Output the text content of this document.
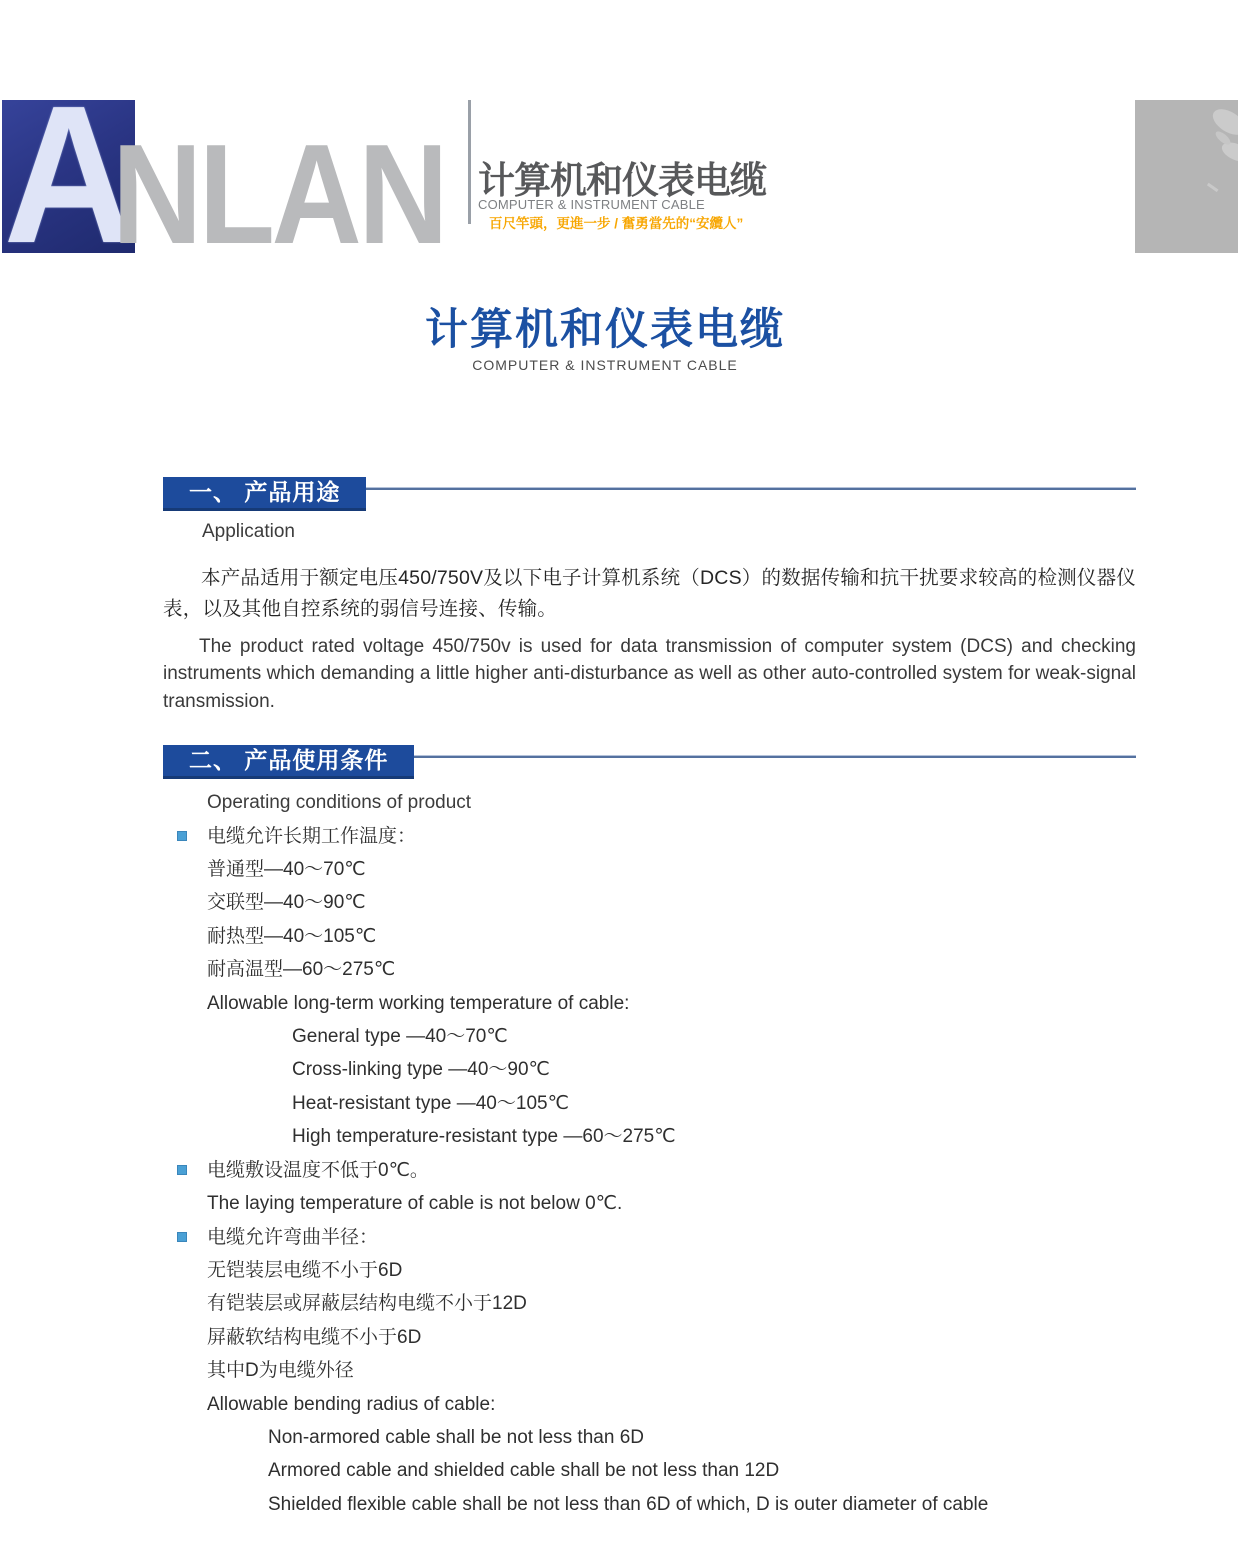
A
NLAN 计算机和仪表电缆
COMPUTER & INSTRUMENT CABLE
百尺竿頭，更進一步 / 奮勇當先的“安纜人”
计算机和仪表电缆
COMPUTER & INSTRUMENT CABLE
一、 产品用途
Application

本产品适用于额定电压450/750V及以下电子计算机系统（DCS）的数据传输和抗干扰要求较高的检测仪器仪表，以及其他自控系统的弱信号连接、传输。

The product rated voltage 450/750v is used for data transmission of computer system (DCS) and checking instruments which demanding a little higher anti-disturbance as well as other auto-controlled system for weak-signal transmission.

二、 产品使用条件
Operating conditions of product
电缆允许长期工作温度：
普通型—40～70℃
交联型—40～90℃
耐热型—40～105℃
耐高温型—60～275℃
Allowable long-term working temperature of cable:
General type —40～70℃
Cross-linking type —40～90℃
Heat-resistant type —40～105℃
High temperature-resistant type —60～275℃
电缆敷设温度不低于0℃。
The laying temperature of cable is not below 0℃.
电缆允许弯曲半径：
无铠装层电缆不小于6D
有铠装层或屏蔽层结构电缆不小于12D
屏蔽软结构电缆不小于6D
其中D为电缆外径
Allowable bending radius of cable:
Non-armored cable shall be not less than 6D
Armored cable and shielded cable shall be not less than 12D
Shielded flexible cable shall be not less than 6D of which, D is outer diameter of cable
